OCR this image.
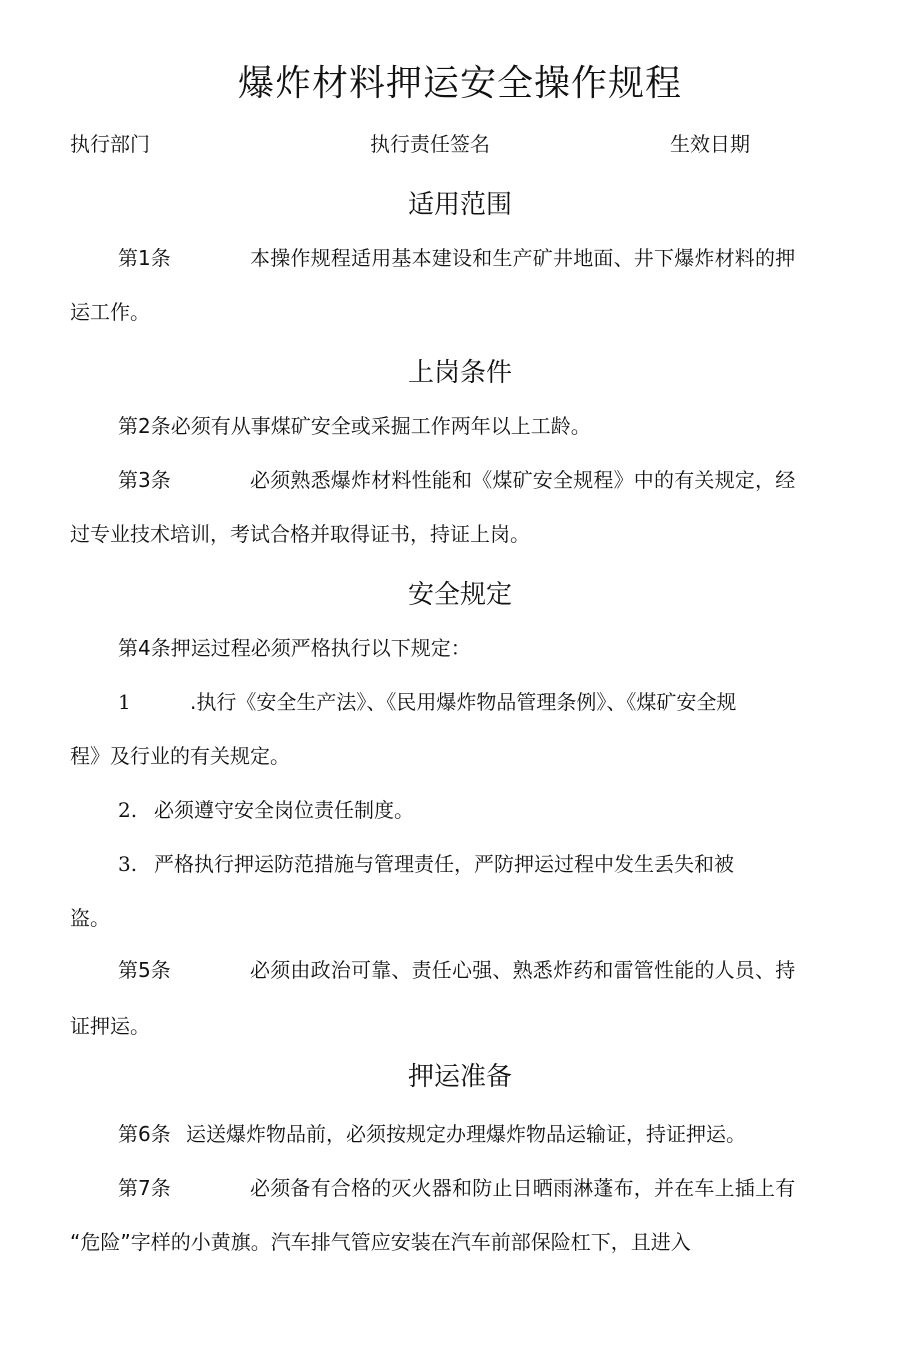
爆炸材料押运安全操作规程
执行部门	执行责任签名	生效日期
适用范围
第1条	本操作规程适用基本建设和生产矿井地面、井下爆炸材料的押
运工作。
上岗条件
第2条必须有从事煤矿安全或采掘工作两年以上工龄。
第3条	必须熟悉爆炸材料性能和《煤矿安全规程》中的有关规定，经
过专业技术培训，考试合格并取得证书，持证上岗。
安全规定
第4条押运过程必须严格执行以下规定：
1	.执行《安全生产法》、《民用爆炸物品管理条例》、《煤矿安全规
程》及行业的有关规定。
2. 必须遵守安全岗位责任制度。
3. 严格执行押运防范措施与管理责任，严防押运过程中发生丢失和被
盗。
第5条	必须由政治可靠、责任心强、熟悉炸药和雷管性能的人员、持
证押运。
押运准备
第6条 运送爆炸物品前，必须按规定办理爆炸物品运输证，持证押运。
第7条	必须备有合格的灭火器和防止日晒雨淋蓬布，并在车上插上有
“危险”字样的小黄旗。汽车排气管应安装在汽车前部保险杠下，且进入
